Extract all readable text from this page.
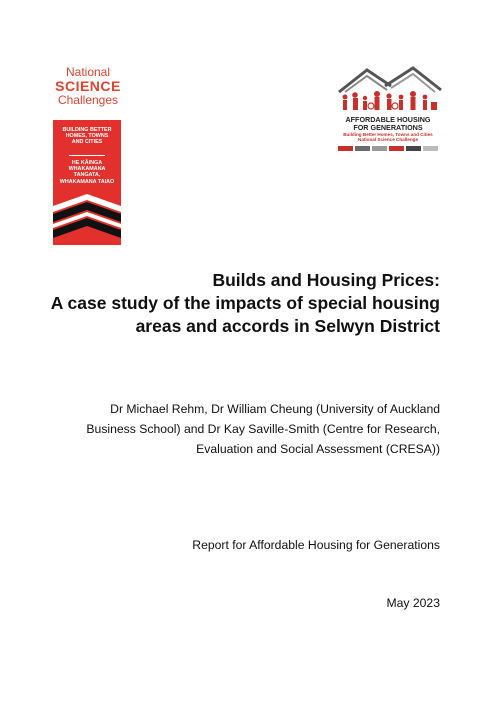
National
SCIENCE
Challenges
BUILDING BETTER
HOMES, TOWNS
AND CITIES
HE KĀINGA
WHAKAMANA
TANGATA,
WHAKAMANA TAIAO
AFFORDABLE HOUSING
FOR GENERATIONS
Building Better Homes, Towns and Cities
National Science Challenge
Builds and Housing Prices:
A case study of the impacts of special housing
areas and accords in Selwyn District
Dr Michael Rehm, Dr William Cheung (University of Auckland
Business School) and Dr Kay Saville-Smith (Centre for Research,
Evaluation and Social Assessment (CRESA))
Report for Affordable Housing for Generations
May 2023
